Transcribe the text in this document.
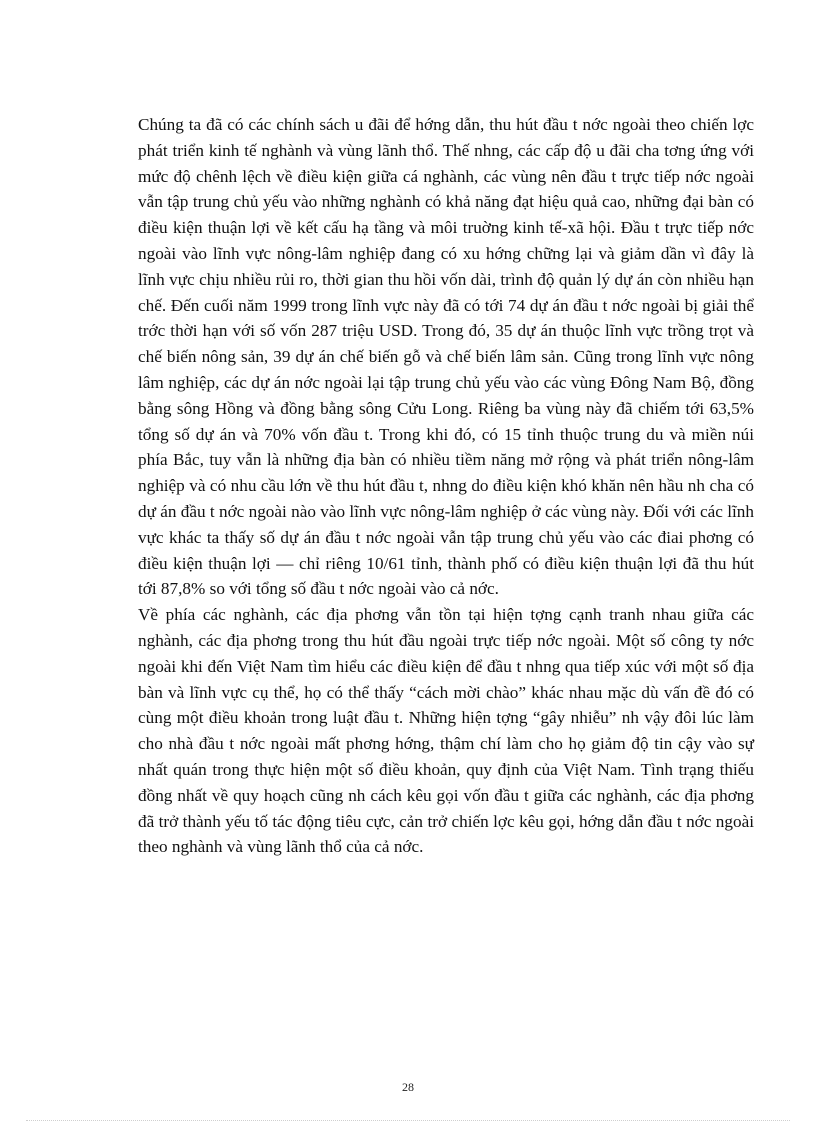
Chúng ta đã có các chính sách u đãi để hớng dẫn, thu hút đầu t nớc ngoài theo chiến lợc phát triển kinh tế nghành và vùng lãnh thổ. Thế nhng, các cấp độ u đãi cha tơng ứng với mức độ chênh lệch về điều kiện giữa cá nghành, các vùng nên đầu t trực tiếp nớc ngoài vẫn tập trung chủ yếu vào những nghành có khả năng đạt hiệu quả cao, những đại bàn có điều kiện thuận lợi về kết cấu hạ tầng và môi truờng kinh tế-xã hội. Đầu t trực tiếp nớc ngoài vào lĩnh vực nông-lâm nghiệp đang có xu hớng chững lại và giảm dần vì đây là lĩnh vực chịu nhiều rủi ro, thời gian thu hồi vốn dài, trình độ quản lý dự án còn nhiều hạn chế. Đến cuối năm 1999 trong lĩnh vực này đã có tới 74 dự án đầu t nớc ngoài bị giải thể trớc thời hạn với số vốn 287 triệu USD. Trong đó, 35 dự án thuộc lĩnh vực trồng trọt và chế biến nông sản, 39 dự án chế biến gỗ và chế biến lâm sản. Cũng trong lĩnh vực nông lâm nghiệp, các dự án nớc ngoài lại tập trung chủ yếu vào các vùng Đông Nam Bộ, đồng bằng sông Hồng và đồng bằng sông Cửu Long. Riêng ba vùng này đã chiếm tới 63,5% tổng số dự án và 70% vốn đầu t. Trong khi đó, có 15 tỉnh thuộc trung du và miền núi phía Bắc, tuy vẫn là những địa bàn có nhiều tiềm năng mở rộng và phát triển nông-lâm nghiệp và có nhu cầu lớn về thu hút đầu t, nhng do điều kiện khó khăn nên hầu nh cha có dự án đầu t nớc ngoài nào vào lĩnh vực nông-lâm nghiệp ở các vùng này. Đối với các lĩnh vực khác ta thấy số dự án đầu t nớc ngoài vẫn tập trung chủ yếu vào các điai phơng có điều kiện thuận lợi — chỉ riêng 10/61 tỉnh, thành phố có điều kiện thuận lợi đã thu hút tới 87,8% so với tổng số đầu t nớc ngoài vào cả nớc.

Về phía các nghành, các địa phơng vẫn tồn tại hiện tợng cạnh tranh nhau giữa các nghành, các địa phơng trong thu hút đầu ngoài trực tiếp nớc ngoài. Một số công ty nớc ngoài khi đến Việt Nam tìm hiểu các điều kiện để đầu t nhng qua tiếp xúc với một số địa bàn và lĩnh vực cụ thể, họ có thể thấy “cách mời chào” khác nhau mặc dù vấn đề đó có cùng một điều khoản trong luật đầu t. Những hiện tợng “gây nhiễu” nh vậy đôi lúc làm cho nhà đầu t nớc ngoài mất phơng hớng, thậm chí làm cho họ giảm độ tin cậy vào sự nhất quán trong thực hiện một số điều khoản, quy định của Việt Nam. Tình trạng thiếu đồng nhất về quy hoạch cũng nh cách kêu gọi vốn đầu t giữa các nghành, các địa phơng đã trở thành yếu tố tác động tiêu cực, cản trở chiến lợc kêu gọi, hớng dẫn đầu t nớc ngoài theo nghành và vùng lãnh thổ của cả nớc.

28
